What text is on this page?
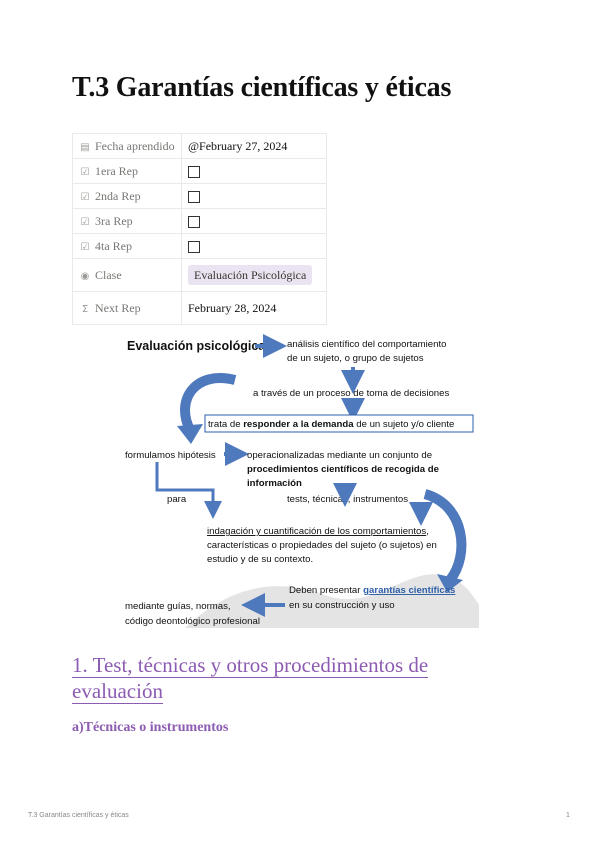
T.3 Garantías científicas y éticas
▤ Fecha aprendido	@February 27, 2024
☑ 1era Rep	
☑ 2nda Rep	
☑ 3ra Rep	
☑ 4ta Rep	
◉ Clase	Evaluación Psicológica
Σ Next Rep	February 28, 2024
Evaluación psicológica análisis científico del comportamiento
de un sujeto, o grupo de sujetos
a través de un proceso de toma de decisiones
trata de responder a la demanda de un sujeto y/o cliente
formulamos hipótesis	operacionalizadas mediante un conjunto de
procedimientos científicos de recogida de
información
para	tests, técnicas, instrumentos
indagación y cuantificación de los comportamientos,
características o propiedades del sujeto (o sujetos) en
estudio y de su contexto.
Deben presentar garantías científicas
en su construcción y uso
mediante guías, normas,
código deontológico profesional
1. Test, técnicas y otros procedimientos de
evaluación
a)Técnicas o instrumentos
T.3 Garantías científicas y éticas	1
